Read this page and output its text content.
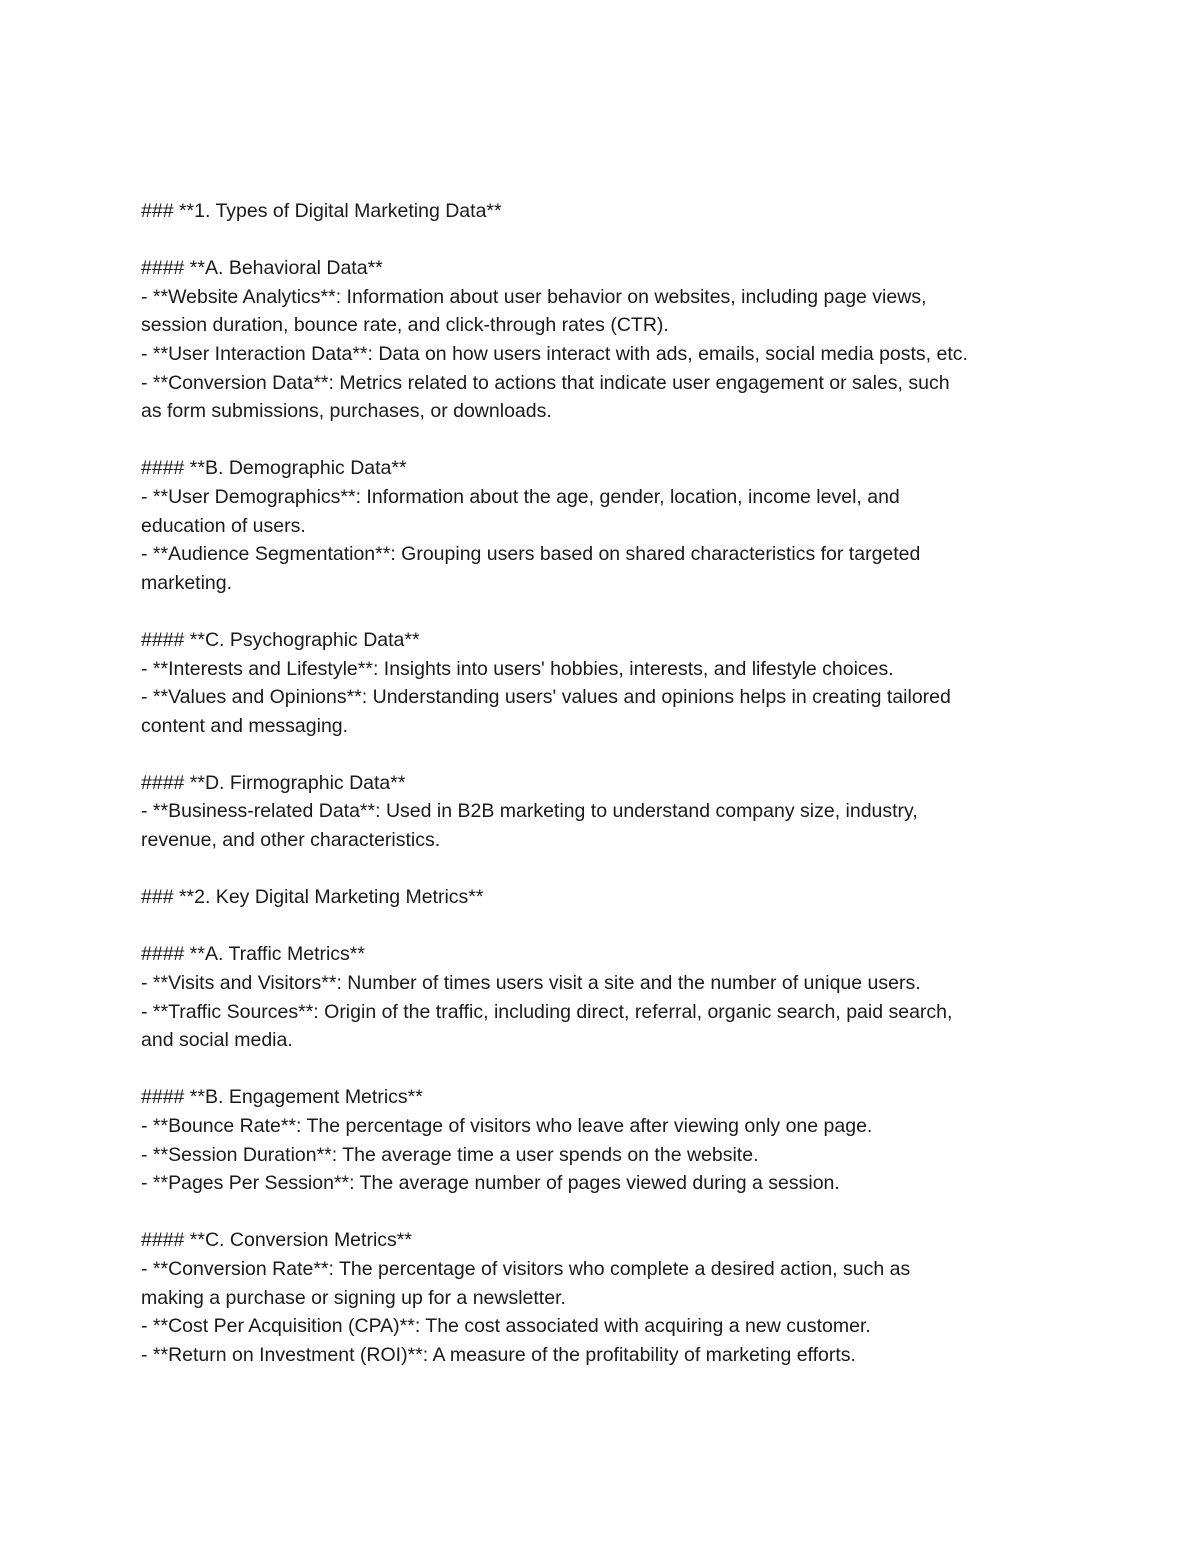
### **1. Types of Digital Marketing Data**
#### **A. Behavioral Data**
- **Website Analytics**: Information about user behavior on websites, including page views,
session duration, bounce rate, and click-through rates (CTR).
- **User Interaction Data**: Data on how users interact with ads, emails, social media posts, etc.
- **Conversion Data**: Metrics related to actions that indicate user engagement or sales, such
as form submissions, purchases, or downloads.
#### **B. Demographic Data**
- **User Demographics**: Information about the age, gender, location, income level, and
education of users.
- **Audience Segmentation**: Grouping users based on shared characteristics for targeted
marketing.
#### **C. Psychographic Data**
- **Interests and Lifestyle**: Insights into users' hobbies, interests, and lifestyle choices.
- **Values and Opinions**: Understanding users' values and opinions helps in creating tailored
content and messaging.
#### **D. Firmographic Data**
- **Business-related Data**: Used in B2B marketing to understand company size, industry,
revenue, and other characteristics.
### **2. Key Digital Marketing Metrics**
#### **A. Traffic Metrics**
- **Visits and Visitors**: Number of times users visit a site and the number of unique users.
- **Traffic Sources**: Origin of the traffic, including direct, referral, organic search, paid search,
and social media.
#### **B. Engagement Metrics**
- **Bounce Rate**: The percentage of visitors who leave after viewing only one page.
- **Session Duration**: The average time a user spends on the website.
- **Pages Per Session**: The average number of pages viewed during a session.
#### **C. Conversion Metrics**
- **Conversion Rate**: The percentage of visitors who complete a desired action, such as
making a purchase or signing up for a newsletter.
- **Cost Per Acquisition (CPA)**: The cost associated with acquiring a new customer.
- **Return on Investment (ROI)**: A measure of the profitability of marketing efforts.
